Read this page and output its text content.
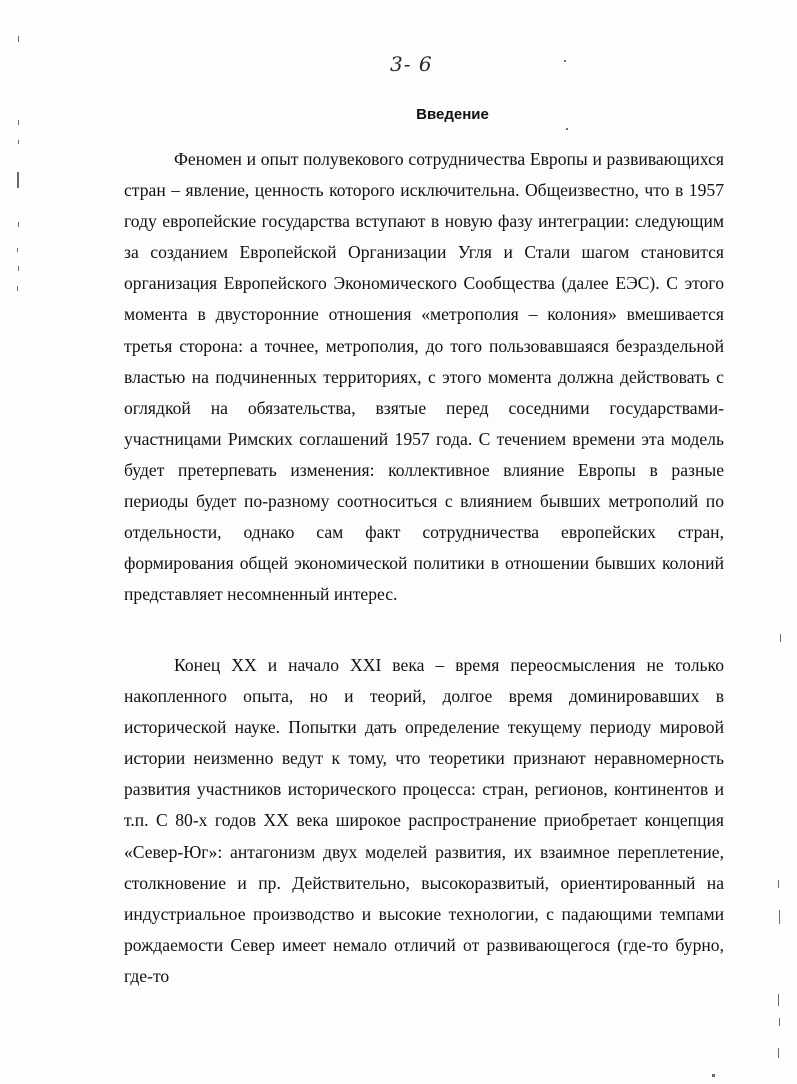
3- 6
Введение

Феномен и опыт полувекового сотрудничества Европы и развивающихся стран – явление, ценность которого исключительна. Общеизвестно, что в 1957 году европейские государства вступают в новую фазу интеграции: следующим за созданием Европейской Организации Угля и Стали шагом становится организация Европейского Экономического Сообщества (далее ЕЭС). С этого момента в двусторонние отношения «метрополия – колония» вмешивается третья сторона: а точнее, метрополия, до того пользовавшаяся безраздельной властью на подчиненных территориях, с этого момента должна действовать с оглядкой на обязательства, взятые перед соседними государствами-участницами Римских соглашений 1957 года. С течением времени эта модель будет претерпевать изменения: коллективное влияние Европы в разные периоды будет по-разному соотноситься с влиянием бывших метрополий по отдельности, однако сам факт сотрудничества европейских стран, формирования общей экономической политики в отношении бывших колоний представляет несомненный интерес.

Конец XX и начало XXI века – время переосмысления не только накопленного опыта, но и теорий, долгое время доминировавших в исторической науке. Попытки дать определение текущему периоду мировой истории неизменно ведут к тому, что теоретики признают неравномерность развития участников исторического процесса: стран, регионов, континентов и т.п. С 80-х годов XX века широкое распространение приобретает концепция «Север-Юг»: антагонизм двух моделей развития, их взаимное переплетение, столкновение и пр. Действительно, высокоразвитый, ориентированный на индустриальное производство и высокие технологии, с падающими темпами рождаемости Север имеет немало отличий от развивающегося (где-то бурно, где-то
